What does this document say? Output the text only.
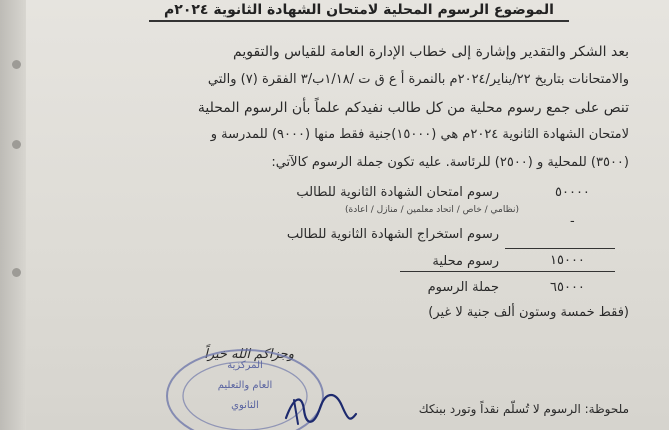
الموضوع الرسوم المحلية لامتحان الشهادة الثانوية ٢٠٢٤م
بعد الشكر والتقدير وإشارة إلى خطاب الإدارة العامة للقياس والتقويم
والامتحانات بتاريخ ٢٢/يناير/٢٠٢٤م بالنمرة أ ع ق ت /١/١٨ب/٣ الفقرة (٧) والتي
تنص على جمع رسوم محلية من كل طالب نفيدكم علماً بأن الرسوم المحلية
لامتحان الشهادة الثانوية ٢٠٢٤م هي (١٥٠٠٠)جنية فقط منها (٩٠٠٠) للمدرسة و
(٣٥٠٠) للمحلية و (٢٥٠٠) للرئاسة. عليه تكون جملة الرسوم كالآتي:
رسوم امتحان الشهادة الثانوية للطالب
(نظامي / خاص / اتحاد معلمين / منازل / اعادة)
٥٠٠٠٠
رسوم استخراج الشهادة الثانوية للطالب
-
رسوم محلية	١٥٠٠٠
جملة الرسوم	٦٥٠٠٠
(فقط خمسة وستون ألف جنية لا غير)
وجزاكم الله خيراً
ملحوظة: الرسوم لا تُسلّم نقداً وتورد ببنكك
المركزية
العام والتعليم
الثانوي
